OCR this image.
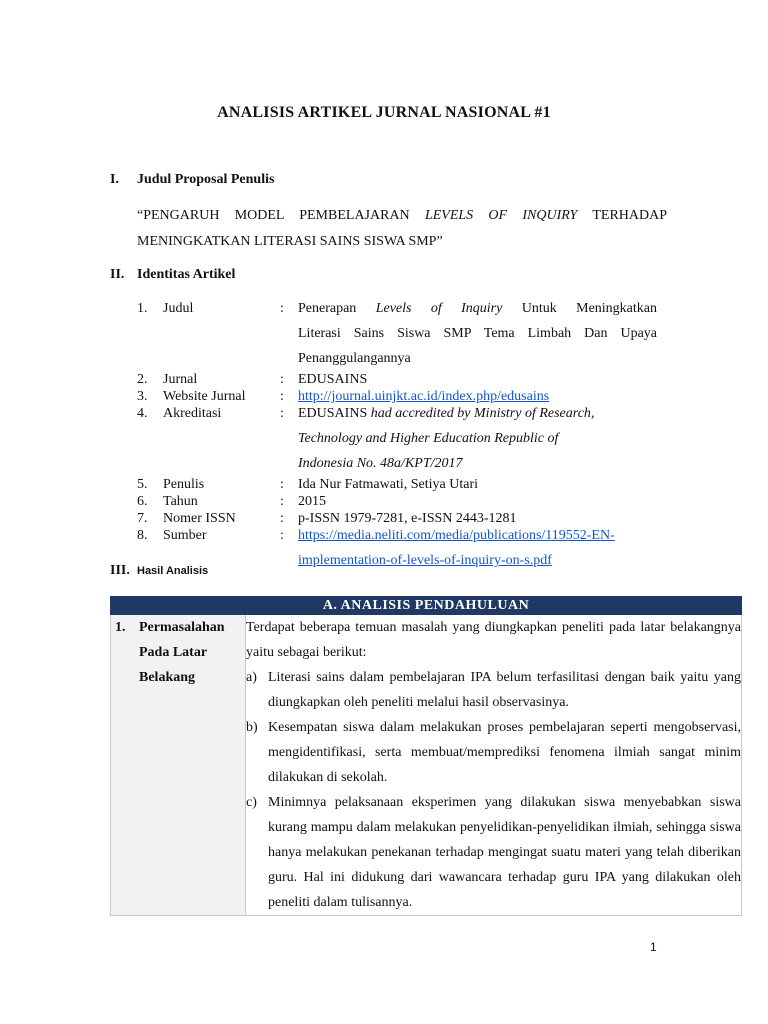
ANALISIS ARTIKEL JURNAL NASIONAL #1
I. Judul Proposal Penulis
“PENGARUH MODEL PEMBELAJARAN LEVELS OF INQUIRY TERHADAP
MENINGKATKAN LITERASI SAINS SISWA SMP”
II. Identitas Artikel
1.	Judul	:	Penerapan Levels of Inquiry Untuk Meningkatkan
Literasi Sains Siswa SMP Tema Limbah Dan Upaya
Penanggulangannya
2.	Jurnal	:	EDUSAINS
3.	Website Jurnal	:	http://journal.uinjkt.ac.id/index.php/edusains
4.	Akreditasi	:	EDUSAINS had accredited by Ministry of Research,
Technology and Higher Education Republic of
Indonesia No. 48a/KPT/2017
5.	Penulis	:	Ida Nur Fatmawati, Setiya Utari
6.	Tahun	:	2015
7.	Nomer ISSN	:	p-ISSN 1979-7281, e-ISSN 2443-1281
8.	Sumber	:	https://media.neliti.com/media/publications/119552-EN-
implementation-of-levels-of-inquiry-on-s.pdf
III. Hasil Analisis
A. ANALISIS PENDAHULUAN

1. Permasalahan
Pada Latar
Belakang

Terdapat beberapa temuan masalah yang diungkapkan peneliti pada latar belakangnya yaitu sebagai berikut:
a) Literasi sains dalam pembelajaran IPA belum terfasilitasi dengan baik yaitu yang diungkapkan oleh peneliti melalui hasil observasinya.
b) Kesempatan siswa dalam melakukan proses pembelajaran seperti mengobservasi, mengidentifikasi, serta membuat/memprediksi fenomena ilmiah sangat minim dilakukan di sekolah.
c) Minimnya pelaksanaan eksperimen yang dilakukan siswa menyebabkan siswa kurang mampu dalam melakukan penyelidikan-penyelidikan ilmiah, sehingga siswa hanya melakukan penekanan terhadap mengingat suatu materi yang telah diberikan guru. Hal ini didukung dari wawancara terhadap guru IPA yang dilakukan oleh peneliti dalam tulisannya.
1
